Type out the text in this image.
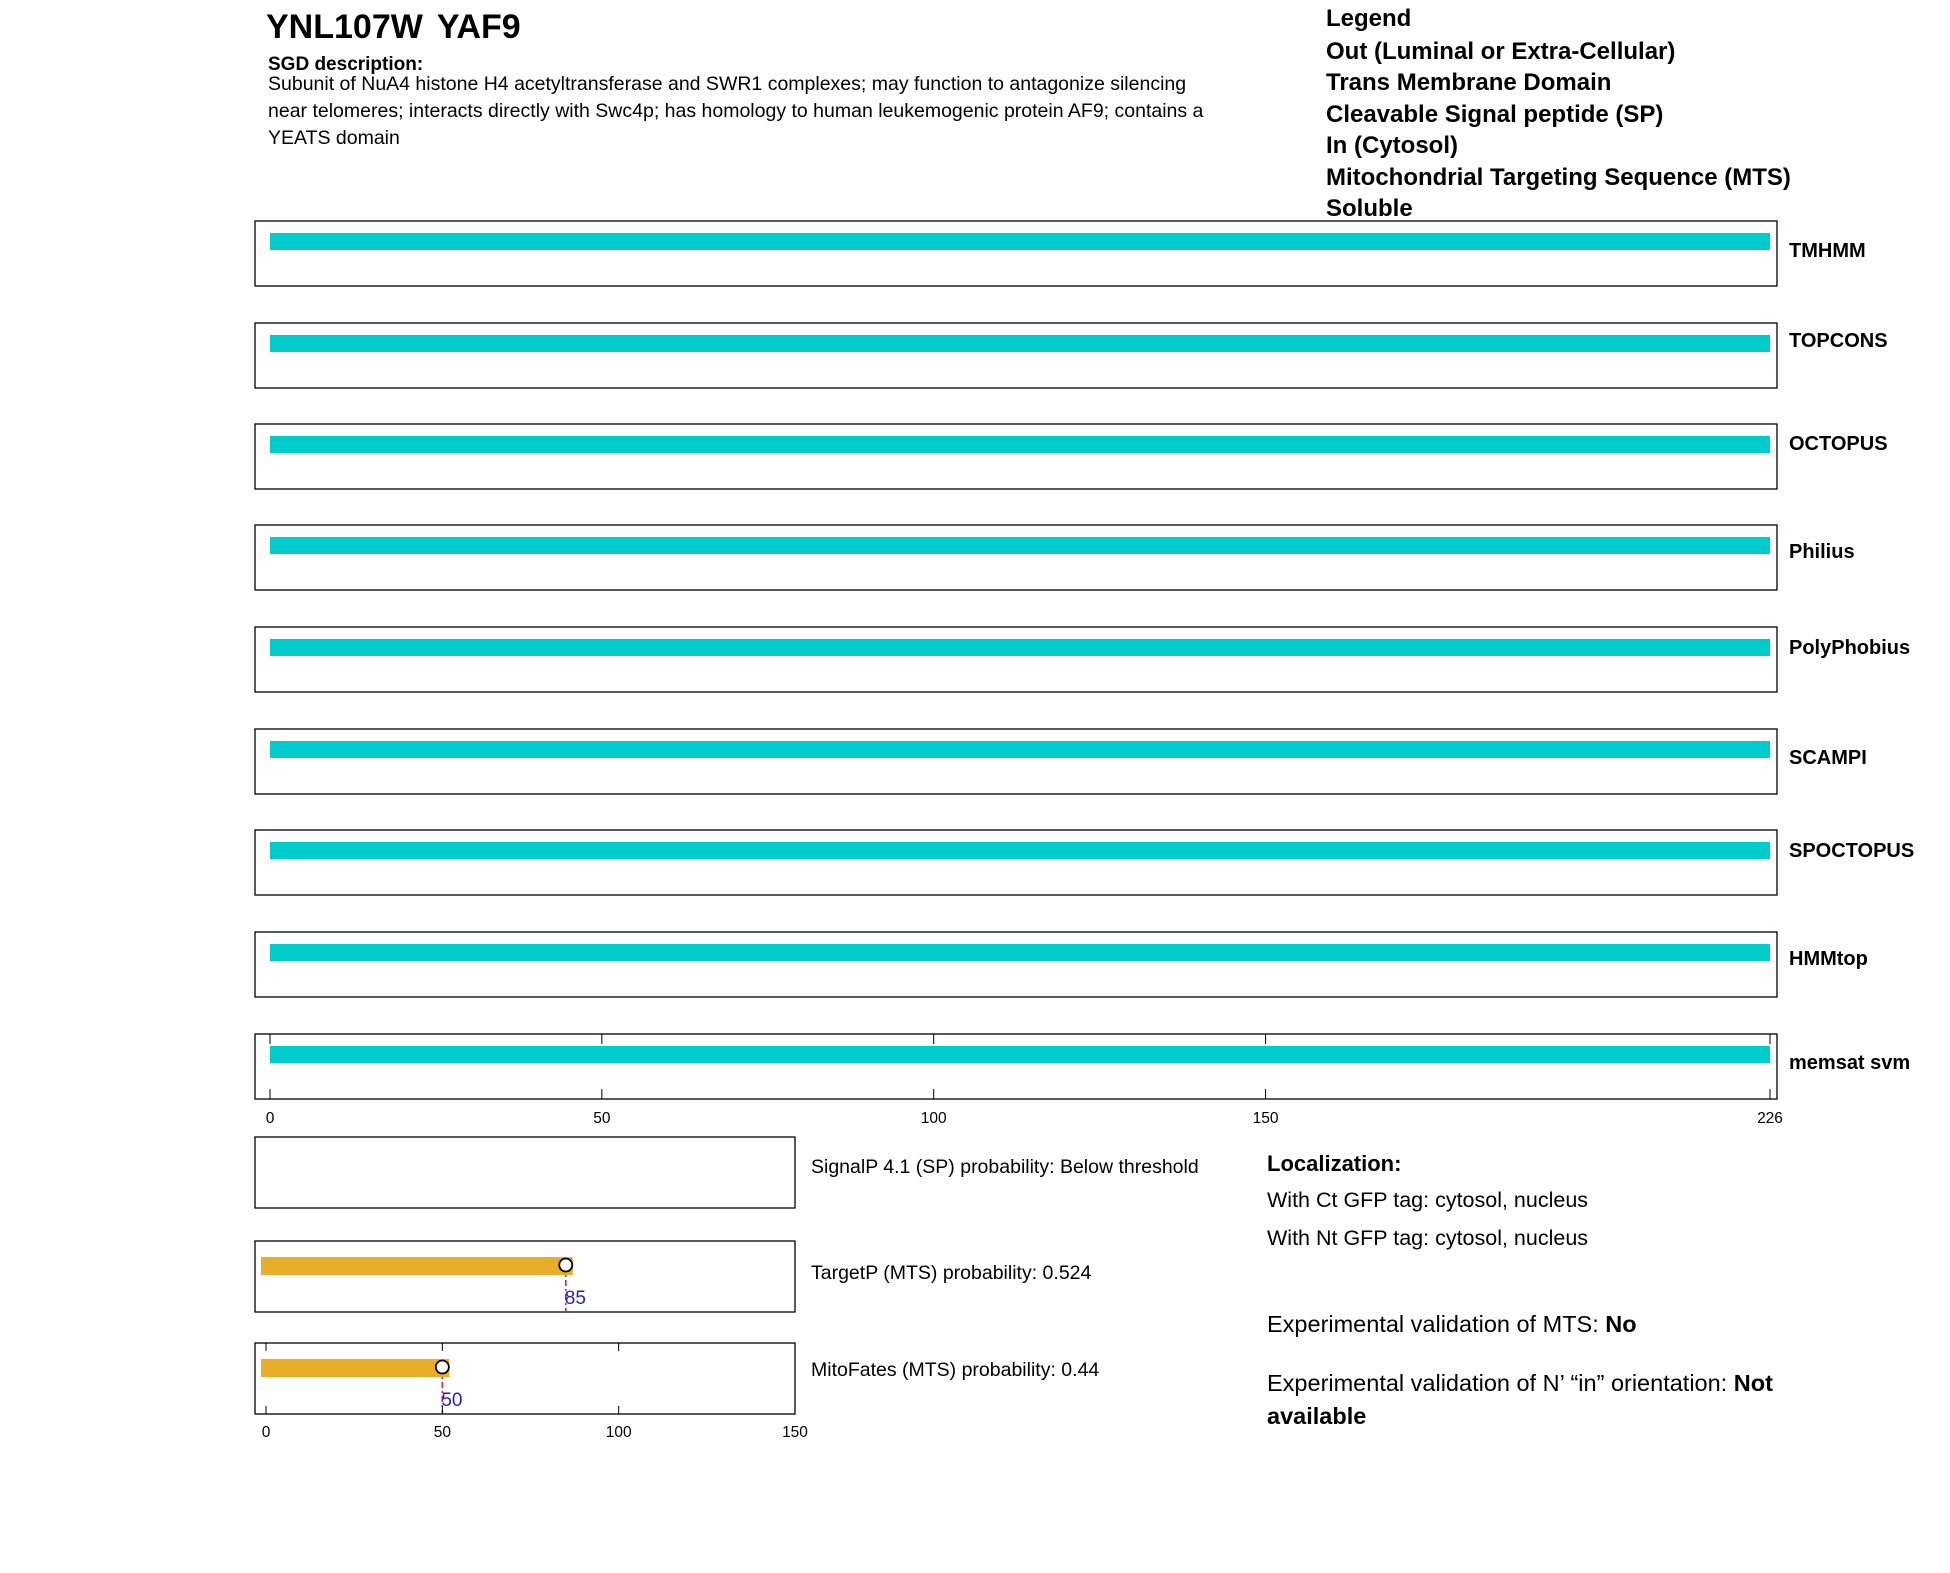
YNL107W YAF9
SGD description:
Subunit of NuA4 histone H4 acetyltransferase and SWR1 complexes; may function to antagonize silencing
near telomeres; interacts directly with Swc4p; has homology to human leukemogenic protein AF9; contains a
YEATS domain
Legend
Out (Luminal or Extra-Cellular)
Trans Membrane Domain
Cleavable Signal peptide (SP)
In (Cytosol)
Mitochondrial Targeting Sequence (MTS)
Soluble
TMHMM
TOPCONS
OCTOPUS
Philius
PolyPhobius
SCAMPI
SPOCTOPUS
HMMtop
memsat svm
0	50	100	150	226
SignalP 4.1 (SP) probability: Below threshold
85
TargetP (MTS) probability: 0.524
50
MitoFates (MTS) probability: 0.44
0	50	100	150
Localization:
With Ct GFP tag: cytosol, nucleus
With Nt GFP tag: cytosol, nucleus
Experimental validation of MTS: No
Experimental validation of N’ “in” orientation: Not
available
